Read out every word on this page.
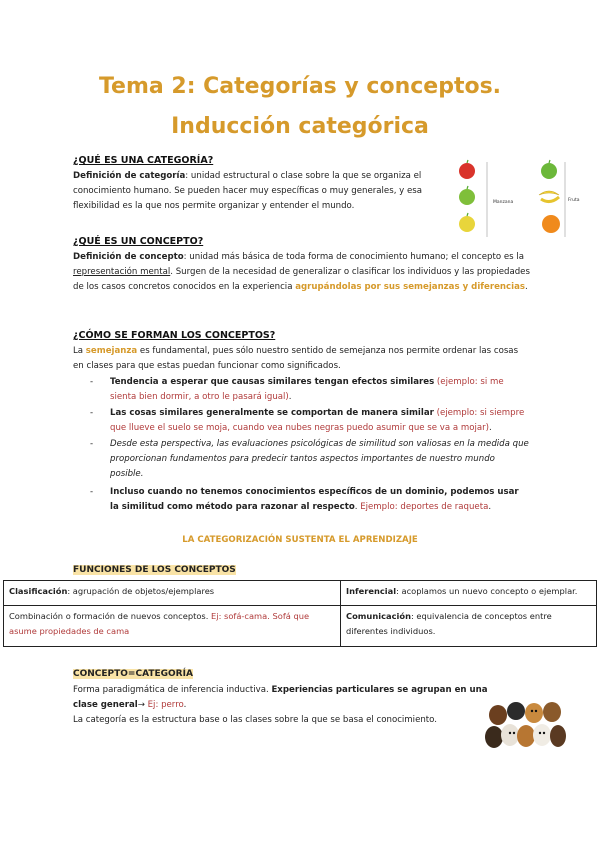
Tema 2: Categorías y conceptos.
Inducción categórica
¿QUÉ ES UNA CATEGORÍA?
Definición de categoría: unidad estructural o clase sobre la que se organiza el conocimiento humano. Se pueden hacer muy específicas o muy generales, y esa flexibilidad es la que nos permite organizar y entender el mundo.	Manzana	Fruta
¿QUÉ ES UN CONCEPTO?
Definición de concepto: unidad más básica de toda forma de conocimiento humano; el concepto es la representación mental. Surgen de la necesidad de generalizar o clasificar los individuos y las propiedades de los casos concretos conocidos en la experiencia agrupándolas por sus semejanzas y diferencias.
¿CÓMO SE FORMAN LOS CONCEPTOS?
La semejanza es fundamental, pues sólo nuestro sentido de semejanza nos permite ordenar las cosas en clases para que estas puedan funcionar como significados.
- Tendencia a esperar que causas similares tengan efectos similares (ejemplo: si me sienta bien dormir, a otro le pasará igual).
- Las cosas similares generalmente se comportan de manera similar (ejemplo: si siempre que llueve el suelo se moja, cuando vea nubes negras puedo asumir que se va a mojar).
- Desde esta perspectiva, las evaluaciones psicológicas de similitud son valiosas en la medida que proporcionan fundamentos para predecir tantos aspectos importantes de nuestro mundo posible.
- Incluso cuando no tenemos conocimientos específicos de un dominio, podemos usar la similitud como método para razonar al respecto. Ejemplo: deportes de raqueta.
LA CATEGORIZACIÓN SUSTENTA EL APRENDIZAJE
FUNCIONES DE LOS CONCEPTOS
Clasificación: agrupación de objetos/ejemplares	Inferencial: acoplamos un nuevo concepto o ejemplar.
Combinación o formación de nuevos conceptos. Ej: sofá-cama. Sofá que asume propiedades de cama	Comunicación: equivalencia de conceptos entre diferentes individuos.
CONCEPTO=CATEGORÍA
Forma paradigmática de inferencia inductiva. Experiencias particulares se agrupan en una clase general→ Ej: perro.
La categoría es la estructura base o las clases sobre la que se basa el conocimiento.
